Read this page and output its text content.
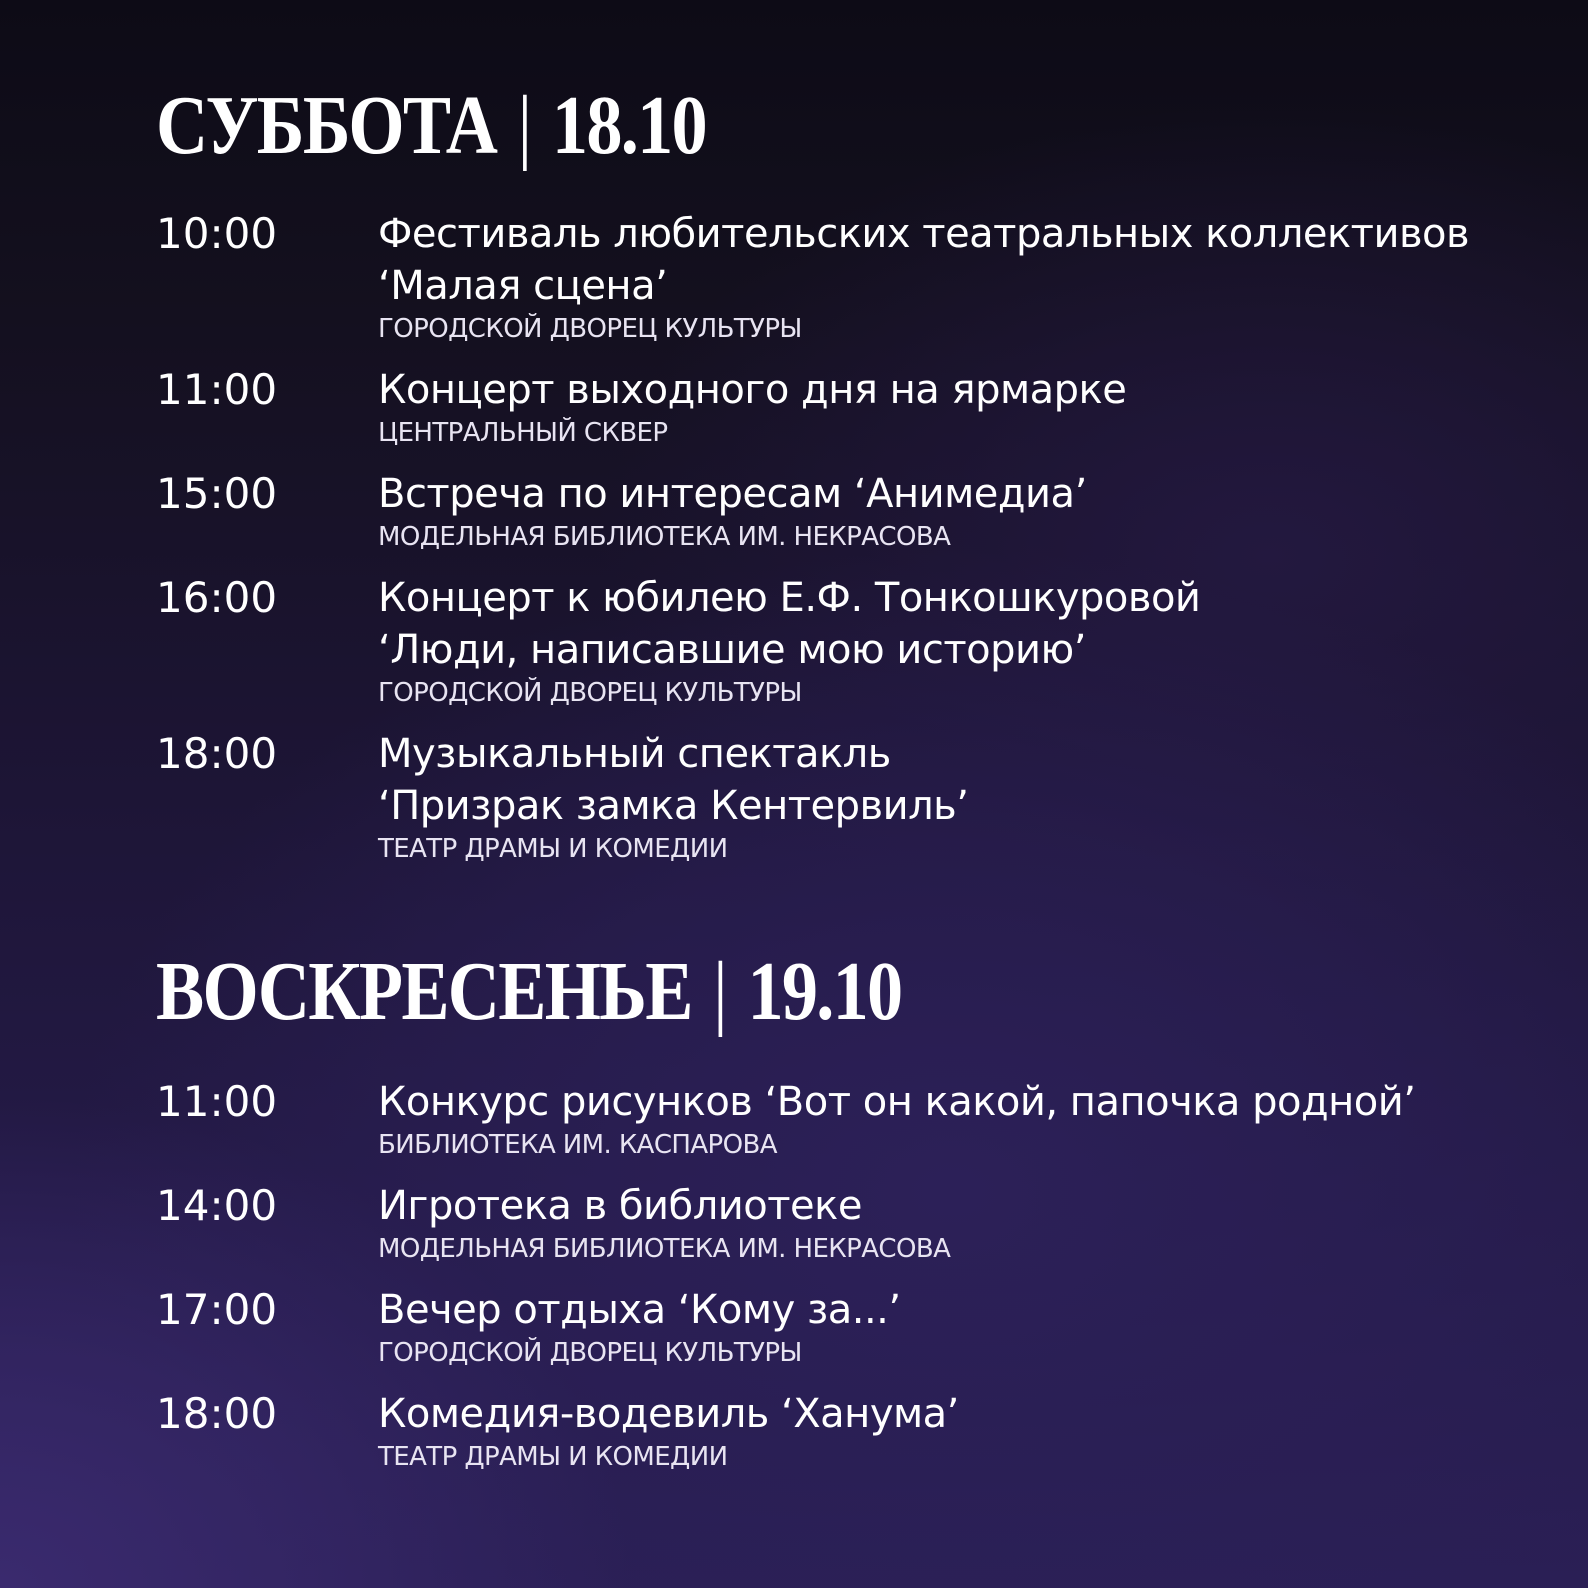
СУББОТА | 18.10
10:00	Фестиваль любительских театральных коллективов
‘Малая сцена’
ГОРОДСКОЙ ДВОРЕЦ КУЛЬТУРЫ
11:00	Концерт выходного дня на ярмарке
ЦЕНТРАЛЬНЫЙ СКВЕР
15:00	Встреча по интересам ‘Анимедиа’
МОДЕЛЬНАЯ БИБЛИОТЕКА ИМ. НЕКРАСОВА
16:00	Концерт к юбилею Е.Ф. Тонкошкуровой
‘Люди, написавшие мою историю’
ГОРОДСКОЙ ДВОРЕЦ КУЛЬТУРЫ
18:00	Музыкальный спектакль
‘Призрак замка Кентервиль’
ТЕАТР ДРАМЫ И КОМЕДИИ
ВОСКРЕСЕНЬЕ | 19.10
11:00	Конкурс рисунков ‘Вот он какой, папочка родной’
БИБЛИОТЕКА ИМ. КАСПАРОВА
14:00	Игротека в библиотеке
МОДЕЛЬНАЯ БИБЛИОТЕКА ИМ. НЕКРАСОВА
17:00	Вечер отдыха ‘Кому за...’
ГОРОДСКОЙ ДВОРЕЦ КУЛЬТУРЫ
18:00	Комедия-водевиль ‘Ханума’
ТЕАТР ДРАМЫ И КОМЕДИИ
